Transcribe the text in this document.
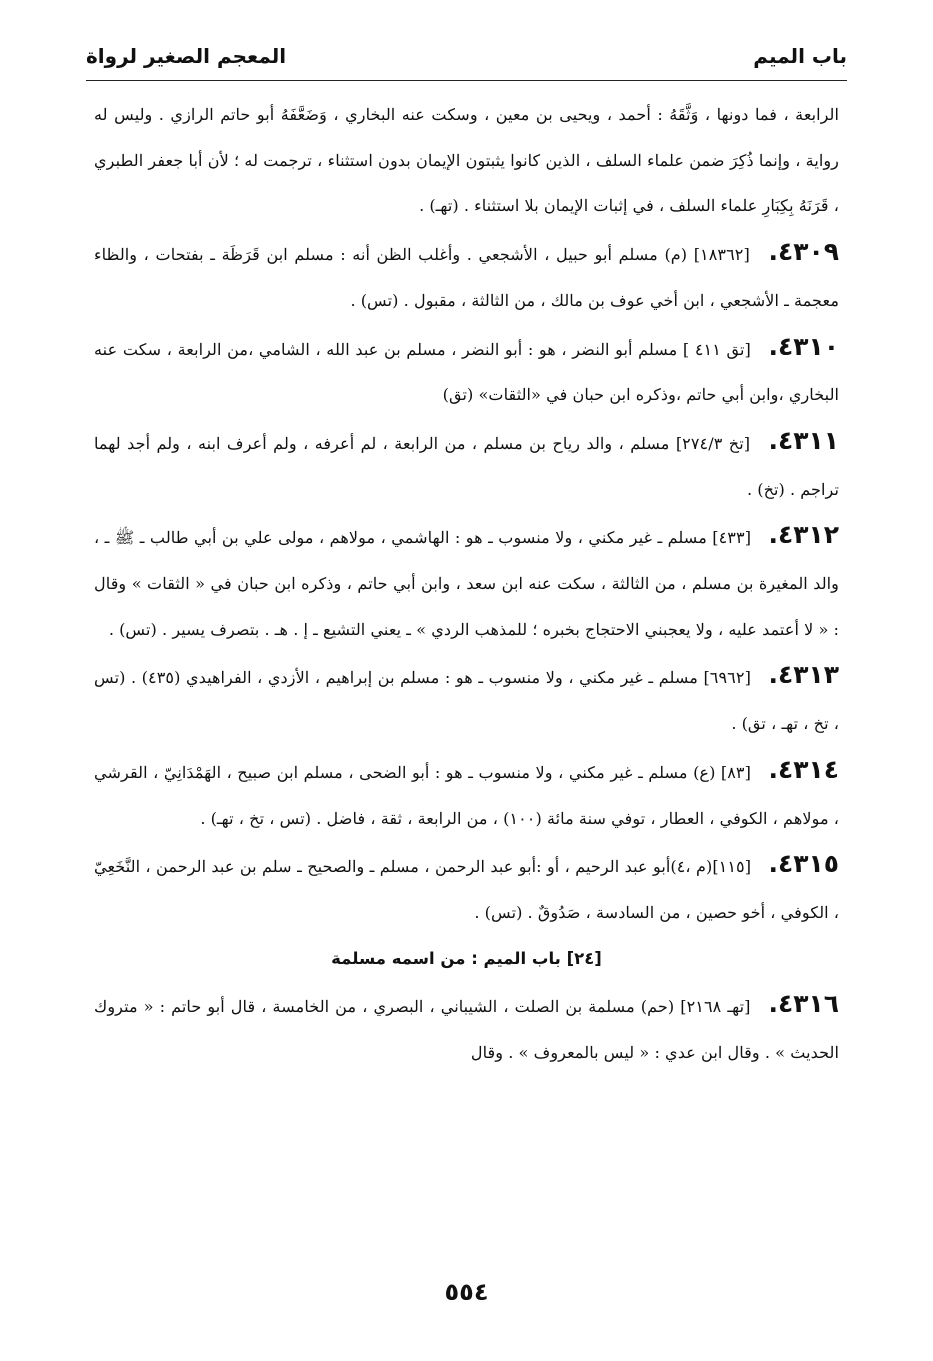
باب الميم
المعجم الصغير لرواة

الرابعة ، فما دونها ، وَثَّقَهُ : أحمد ، ويحيى بن معين ، وسكت عنه البخاري ، وَضَعَّفَهُ أبو حاتم الرازي . وليس له رواية ، وإنما ذُكِرَ ضمن علماء السلف ، الذين كانوا يثبتون الإيمان بدون استثناء ، ترجمت له ؛ لأن أبا جعفر الطبري ، قَرَنَهُ بِكِبَارِ علماء السلف ، في إثبات الإيمان بلا استثناء . (تهـ) .

٤٣٠٩. [١٨٣٦٢] (م) مسلم أبو حبيل ، الأشجعي . وأغلب الظن أنه : مسلم ابن قَرَظَة ـ بفتحات ، والظاء معجمة ـ الأشجعي ، ابن أخي عوف بن مالك ، من الثالثة ، مقبول . (تس) .

٤٣١٠. [تق ٤١١ ] مسلم أبو النضر ، هو : أبو النضر ، مسلم بن عبد الله ، الشامي ،من الرابعة ، سكت عنه البخاري ،وابن أبي حاتم ،وذكره ابن حبان في «الثقات» (تق)

٤٣١١. [تخ ٢٧٤/٣] مسلم ، والد رياح بن مسلم ، من الرابعة ، لم أعرفه ، ولم أعرف ابنه ، ولم أجد لهما تراجم . (تخ) .

٤٣١٢. [٤٣٣] مسلم ـ غير مكني ، ولا منسوب ـ هو : الهاشمي ، مولاهم ، مولى علي بن أبي طالب ـ ﷺ ـ ، والد المغيرة بن مسلم ، من الثالثة ، سكت عنه ابن سعد ، وابن أبي حاتم ، وذكره ابن حبان في « الثقات » وقال : « لا أعتمد عليه ، ولا يعجبني الاحتجاج بخبره ؛ للمذهب الردي » ـ يعني التشيع ـ إ . هـ . بتصرف يسير . (تس) .

٤٣١٣. [٦٩٦٢] مسلم ـ غير مكني ، ولا منسوب ـ هو : مسلم بن إبراهيم ، الأزدي ، الفراهيدي (٤٣٥) . (تس ، تخ ، تهـ ، تق) .

٤٣١٤. [٨٣] (ع) مسلم ـ غير مكني ، ولا منسوب ـ هو : أبو الضحى ، مسلم ابن صبيح ، الهَمْدَانِيّ ، القرشي ، مولاهم ، الكوفي ، العطار ، توفي سنة مائة (١٠٠) ، من الرابعة ، ثقة ، فاضل . (تس ، تخ ، تهـ) .

٤٣١٥. [١١٥](م ،٤)أبو عبد الرحيم ، أو :أبو عبد الرحمن ، مسلم ـ والصحيح ـ سلم بن عبد الرحمن ، النَّخَعِيّ ، الكوفي ، أخو حصين ، من السادسة ، صَدُوقٌ . (تس) .

[٢٤] باب الميم : من اسمه مسلمة

٤٣١٦. [تهـ ٢١٦٨] (حم) مسلمة بن الصلت ، الشيباني ، البصري ، من الخامسة ، قال أبو حاتم : « متروك الحديث » . وقال ابن عدي : « ليس بالمعروف » . وقال

٥٥٤
